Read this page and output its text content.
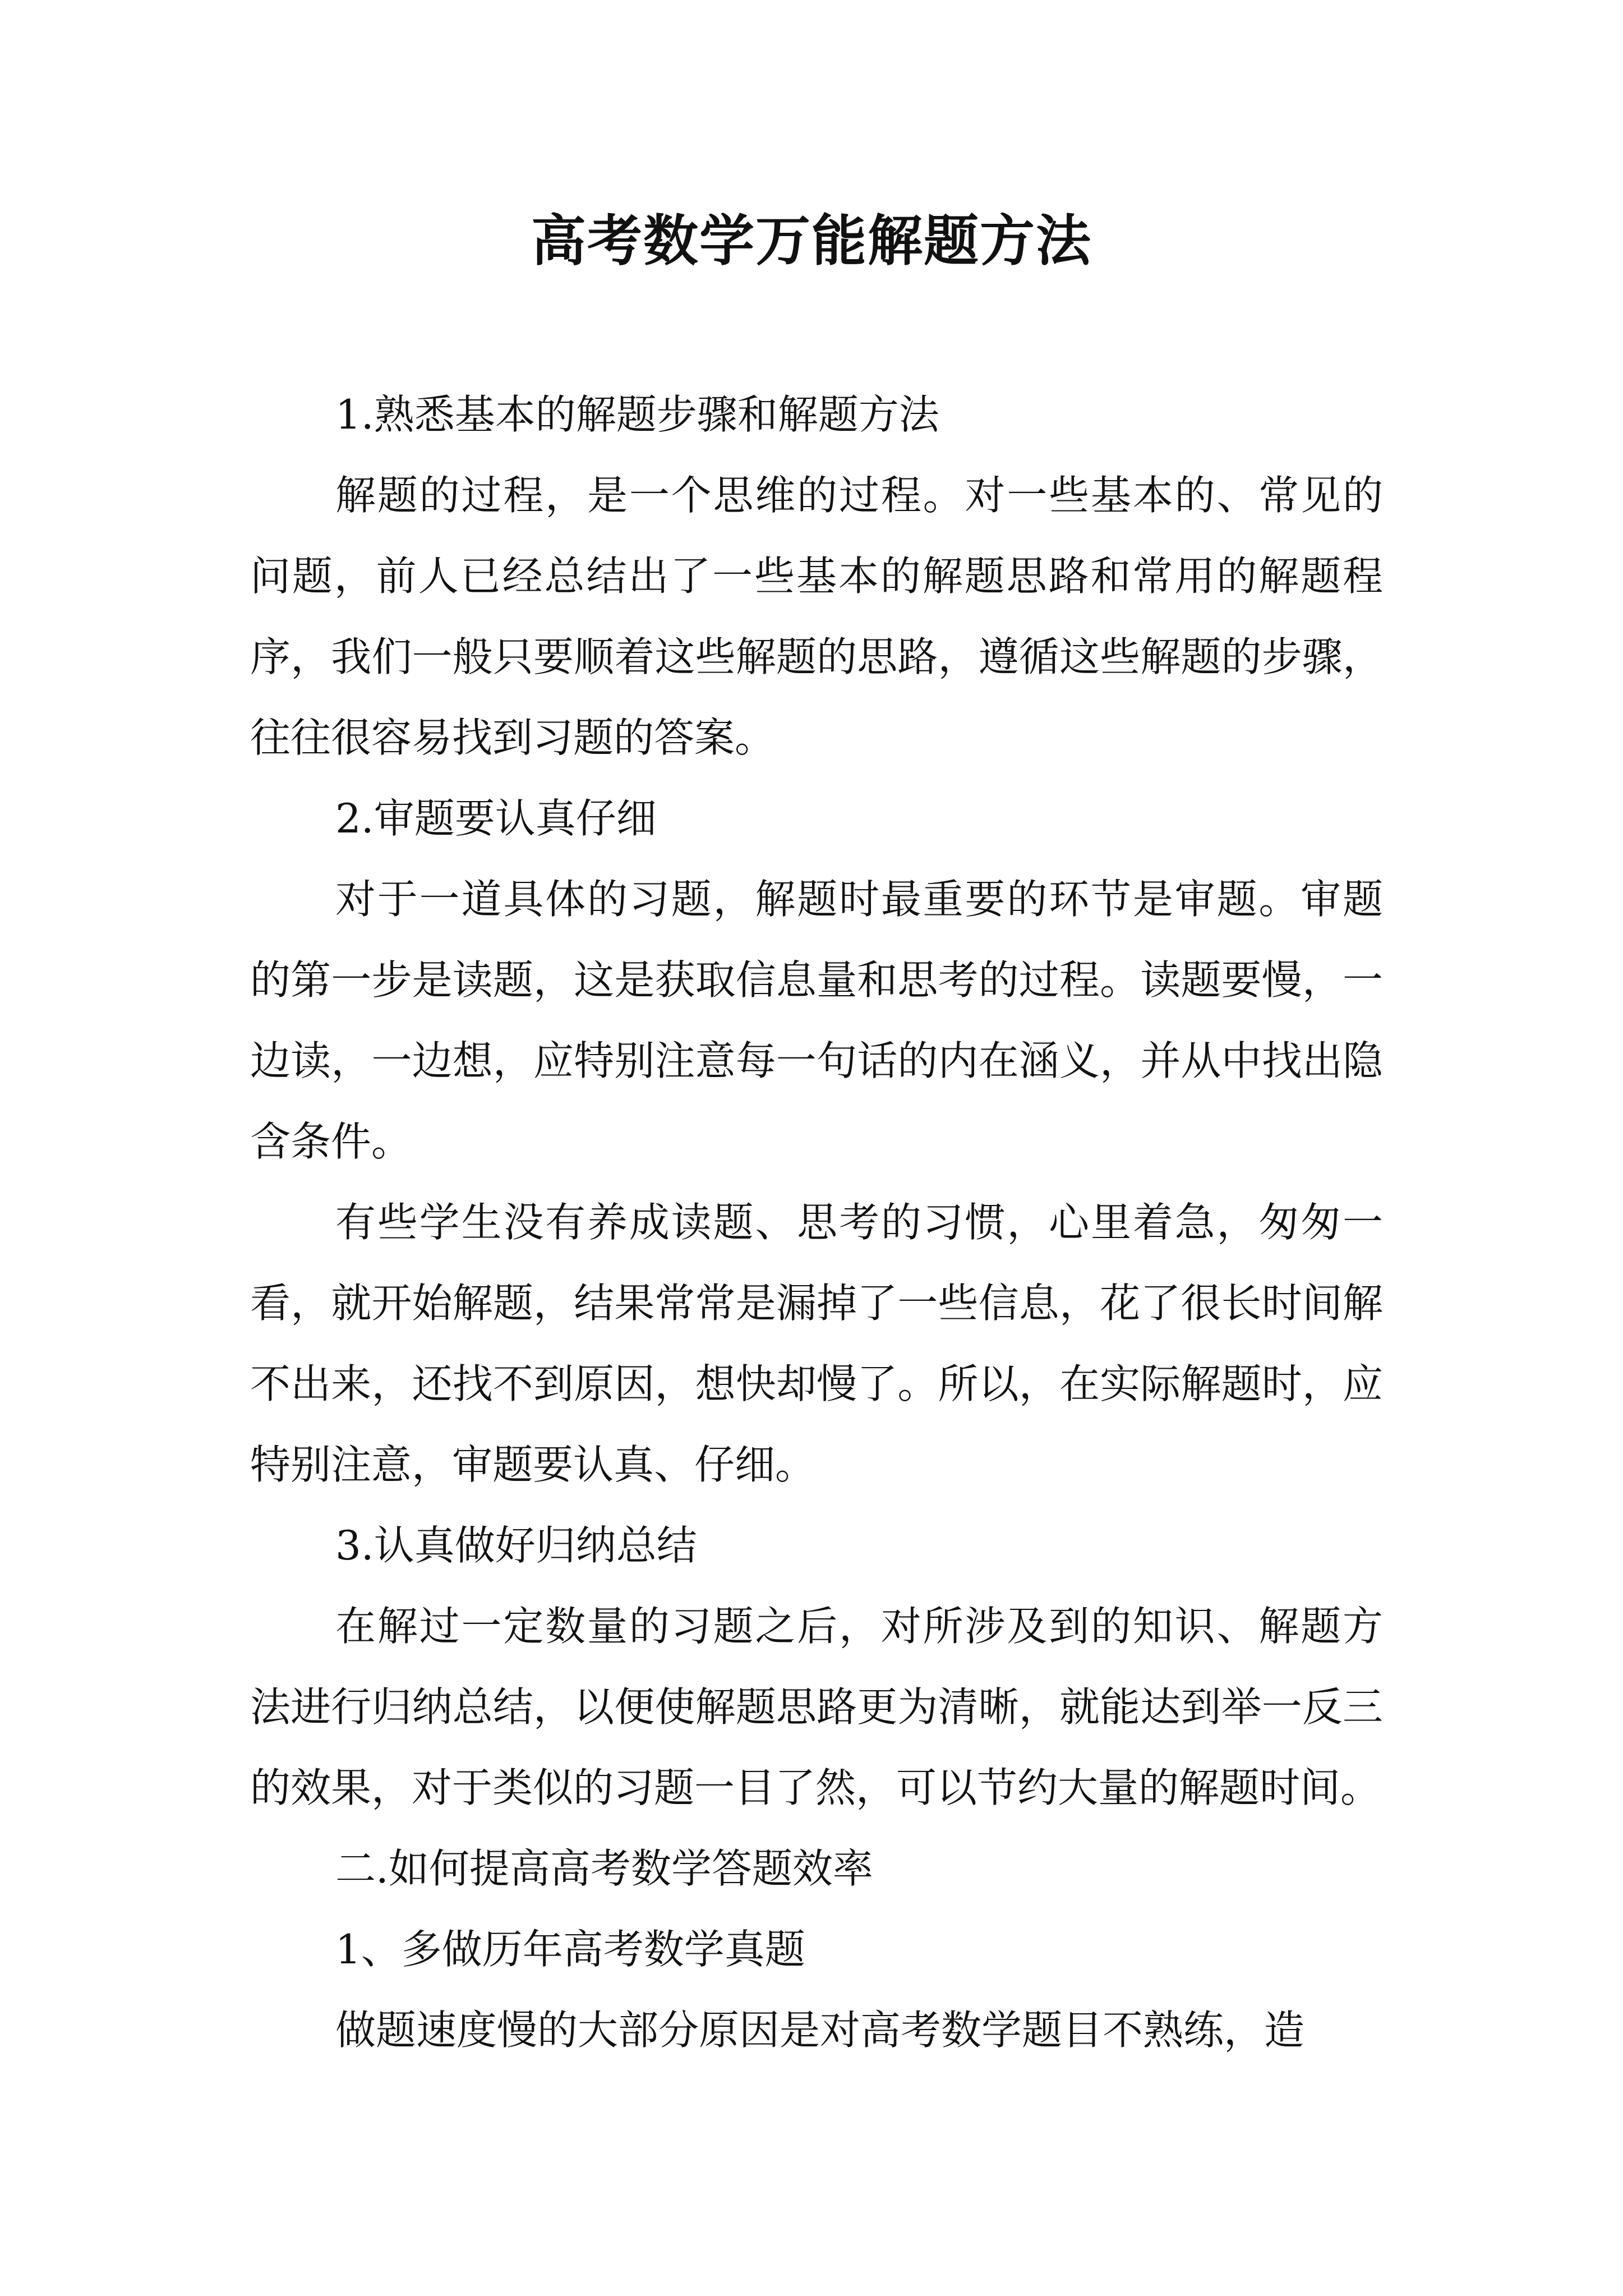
高考数学万能解题方法

1.熟悉基本的解题步骤和解题方法

解题的过程，是一个思维的过程。对一些基本的、常见的问题，前人已经总结出了一些基本的解题思路和常用的解题程序，我们一般只要顺着这些解题的思路，遵循这些解题的步骤，往往很容易找到习题的答案。

2.审题要认真仔细

对于一道具体的习题，解题时最重要的环节是审题。审题的第一步是读题，这是获取信息量和思考的过程。读题要慢，一边读，一边想，应特别注意每一句话的内在涵义，并从中找出隐含条件。

有些学生没有养成读题、思考的习惯，心里着急，匆匆一看，就开始解题，结果常常是漏掉了一些信息，花了很长时间解不出来，还找不到原因，想快却慢了。所以，在实际解题时，应特别注意，审题要认真、仔细。

3.认真做好归纳总结

在解过一定数量的习题之后，对所涉及到的知识、解题方法进行归纳总结，以便使解题思路更为清晰，就能达到举一反三的效果，对于类似的习题一目了然，可以节约大量的解题时间。

二.如何提高高考数学答题效率

1、多做历年高考数学真题

做题速度慢的大部分原因是对高考数学题目不熟练，造
